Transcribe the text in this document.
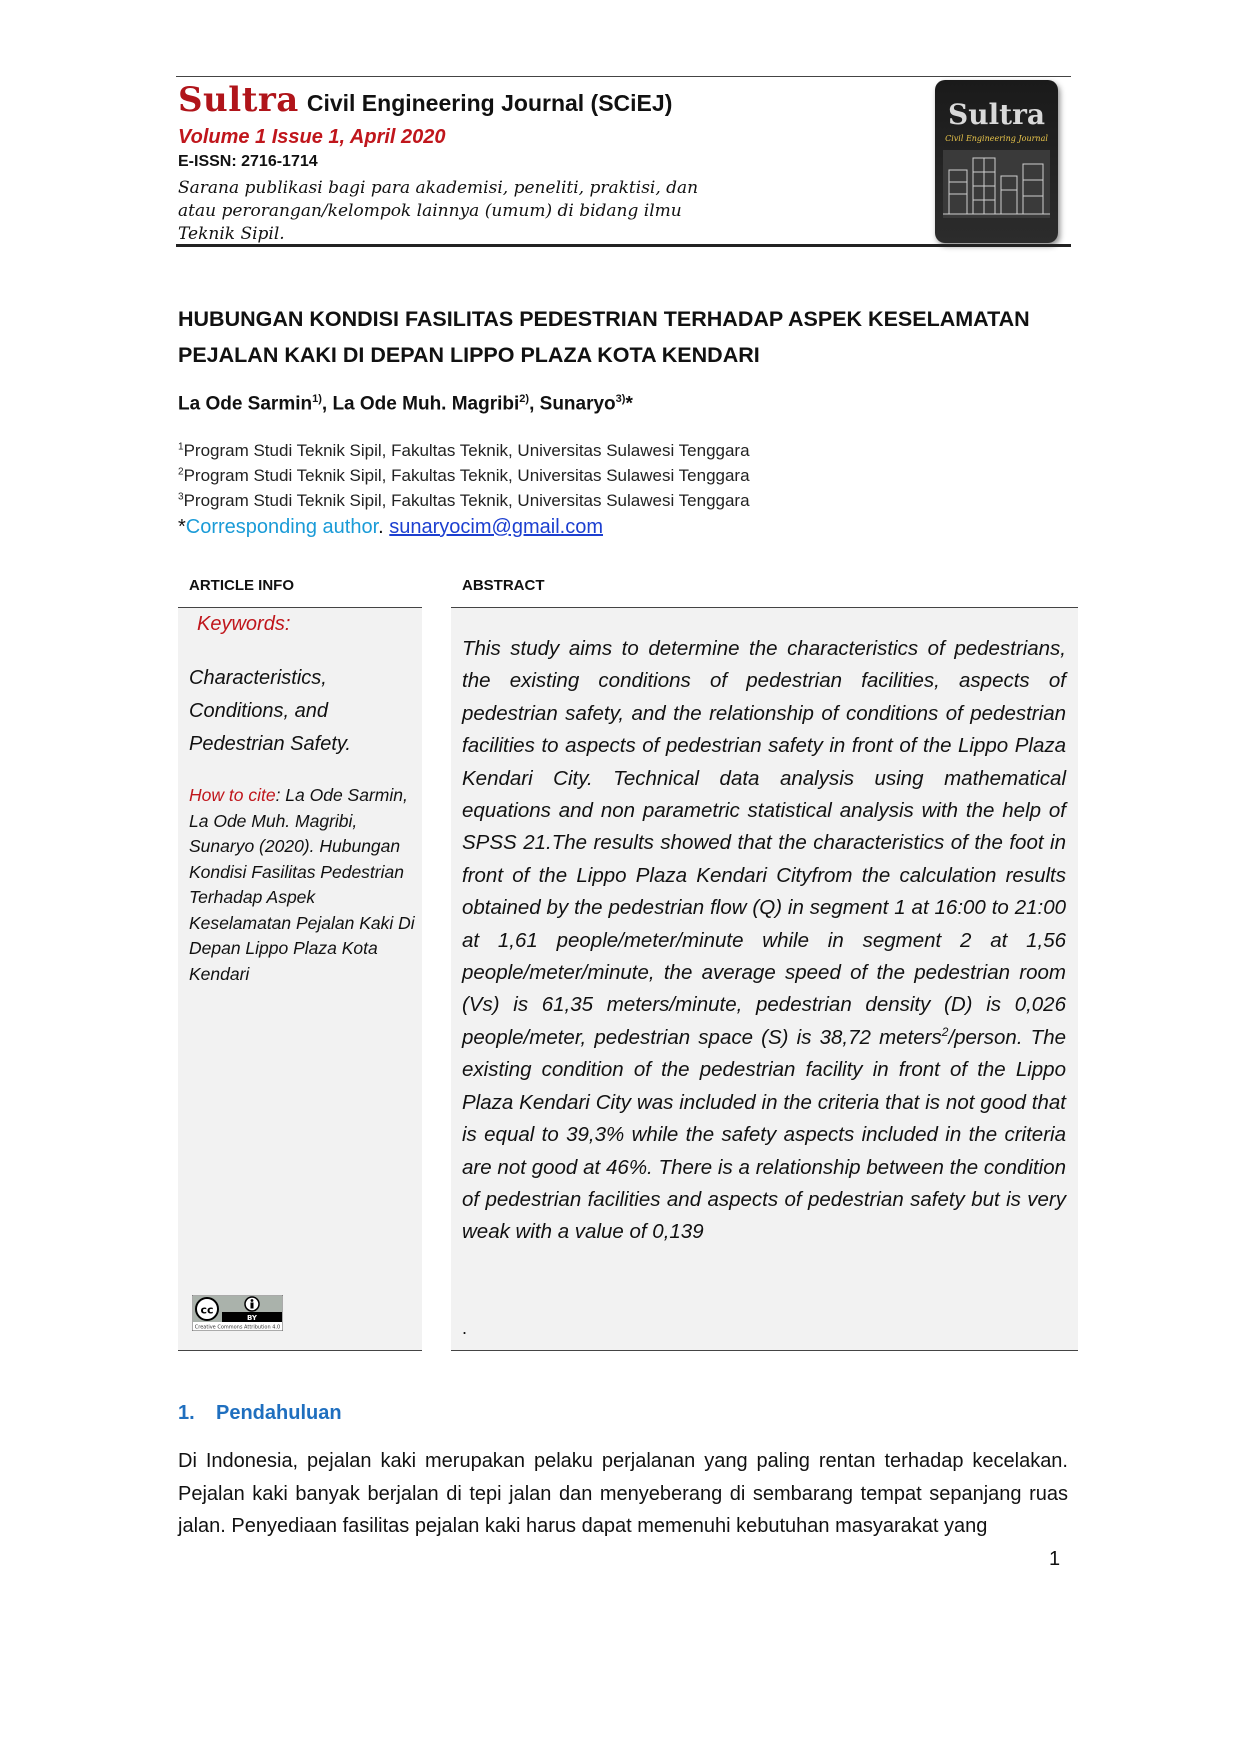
Sultra Civil Engineering Journal (SCiEJ)
Volume 1 Issue 1, April 2020
E-ISSN: 2716-1714
Sarana publikasi bagi para akademisi, peneliti, praktisi, dan atau perorangan/kelompok lainnya (umum) di bidang ilmu Teknik Sipil.
Sultra
Civil Engineering Journal
HUBUNGAN KONDISI FASILITAS PEDESTRIAN TERHADAP ASPEK KESELAMATAN
PEJALAN KAKI DI DEPAN LIPPO PLAZA KOTA KENDARI
La Ode Sarmin$^{1)}$, La Ode Muh. Magribi$^{2)}$, Sunaryo$^{3)}$*
$^1$Program Studi Teknik Sipil, Fakultas Teknik, Universitas Sulawesi Tenggara
$^2$Program Studi Teknik Sipil, Fakultas Teknik, Universitas Sulawesi Tenggara
$^3$Program Studi Teknik Sipil, Fakultas Teknik, Universitas Sulawesi Tenggara
*Corresponding author. sunaryocim@gmail.com
ARTICLE INFO	ABSTRACT
Keywords:
Characteristics, Conditions, and Pedestrian Safety.
How to cite: La Ode Sarmin, La Ode Muh. Magribi, Sunaryo (2020). Hubungan Kondisi Fasilitas Pedestrian Terhadap Aspek Keselamatan Pejalan Kaki Di Depan Lippo Plaza Kota Kendari
cc
BY
Creative Commons Attribution 4.0
This study aims to determine the characteristics of pedestrians, the existing conditions of pedestrian facilities, aspects of pedestrian safety, and the relationship of conditions of pedestrian facilities to aspects of pedestrian safety in front of the Lippo Plaza Kendari City. Technical data analysis using mathematical equations and non parametric statistical analysis with the help of SPSS 21.The results showed that the characteristics of the foot in front of the Lippo Plaza Kendari Cityfrom the calculation results obtained by the pedestrian flow (Q) in segment 1 at 16:00 to 21:00 at 1,61 people/meter/minute while in segment 2 at 1,56 people/meter/minute, the average speed of the pedestrian room (Vs) is 61,35 meters/minute, pedestrian density (D) is 0,026 people/meter, pedestrian space (S) is 38,72 meters$^2$/person. The existing condition of the pedestrian facility in front of the Lippo Plaza Kendari City was included in the criteria that is not good that is equal to 39,3% while the safety aspects included in the criteria are not good at 46%. There is a relationship between the condition of pedestrian facilities and aspects of pedestrian safety but is very weak with a value of 0,139
.
1. Pendahuluan
Di Indonesia, pejalan kaki merupakan pelaku perjalanan yang paling rentan terhadap kecelakan. Pejalan kaki banyak berjalan di tepi jalan dan menyeberang di sembarang tempat sepanjang ruas jalan. Penyediaan fasilitas pejalan kaki harus dapat memenuhi kebutuhan masyarakat yang
1
